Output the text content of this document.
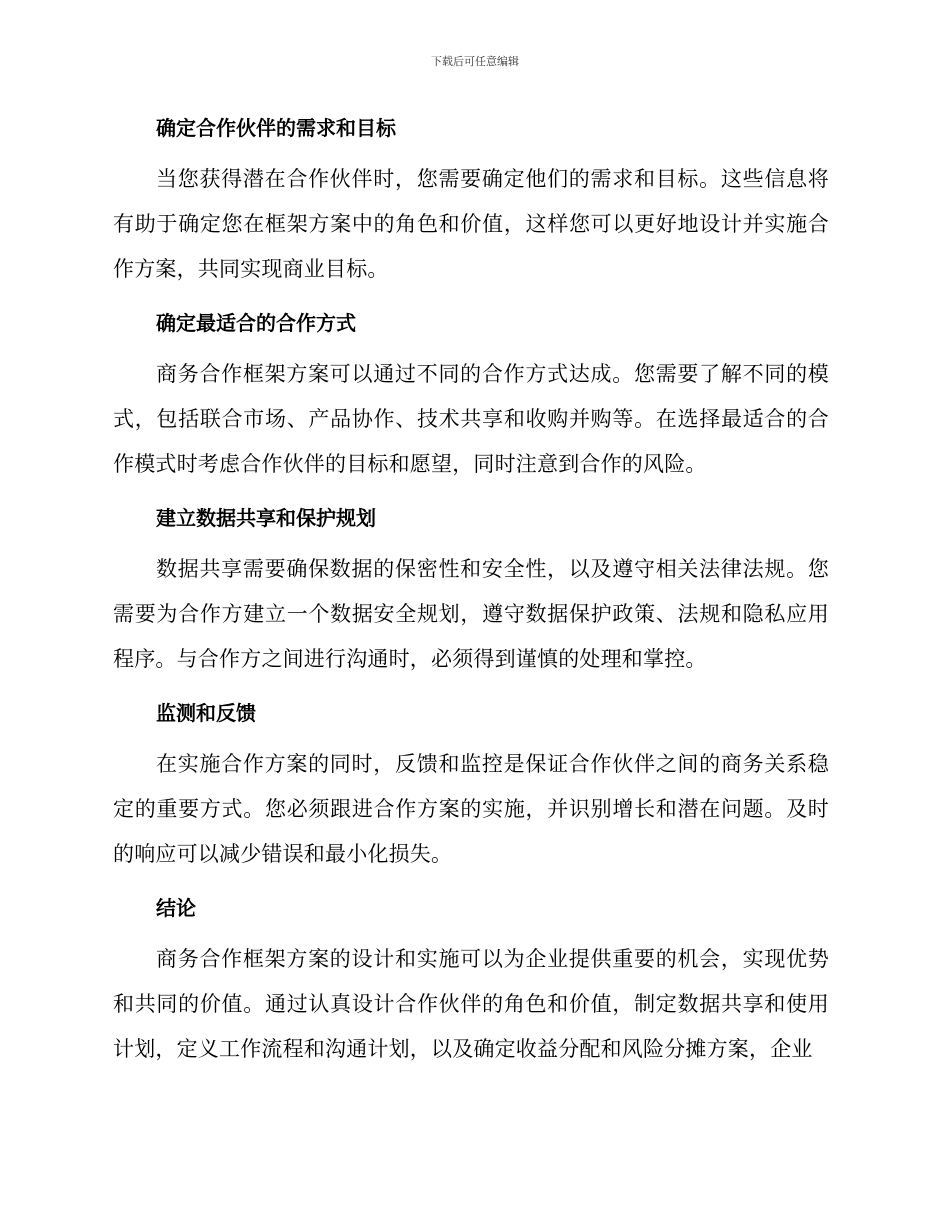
下载后可任意编辑
确定合作伙伴的需求和目标

当您获得潜在合作伙伴时，您需要确定他们的需求和目标。这些信息将有助于确定您在框架方案中的角色和价值，这样您可以更好地设计并实施合作方案，共同实现商业目标。

确定最适合的合作方式

商务合作框架方案可以通过不同的合作方式达成。您需要了解不同的模式，包括联合市场、产品协作、技术共享和收购并购等。在选择最适合的合作模式时考虑合作伙伴的目标和愿望，同时注意到合作的风险。

建立数据共享和保护规划

数据共享需要确保数据的保密性和安全性，以及遵守相关法律法规。您需要为合作方建立一个数据安全规划，遵守数据保护政策、法规和隐私应用程序。与合作方之间进行沟通时，必须得到谨慎的处理和掌控。

监测和反馈

在实施合作方案的同时，反馈和监控是保证合作伙伴之间的商务关系稳定的重要方式。您必须跟进合作方案的实施，并识别增长和潜在问题。及时的响应可以减少错误和最小化损失。

结论

商务合作框架方案的设计和实施可以为企业提供重要的机会，实现优势和共同的价值。通过认真设计合作伙伴的角色和价值，制定数据共享和使用计划，定义工作流程和沟通计划，以及确定收益分配和风险分摊方案，企业
